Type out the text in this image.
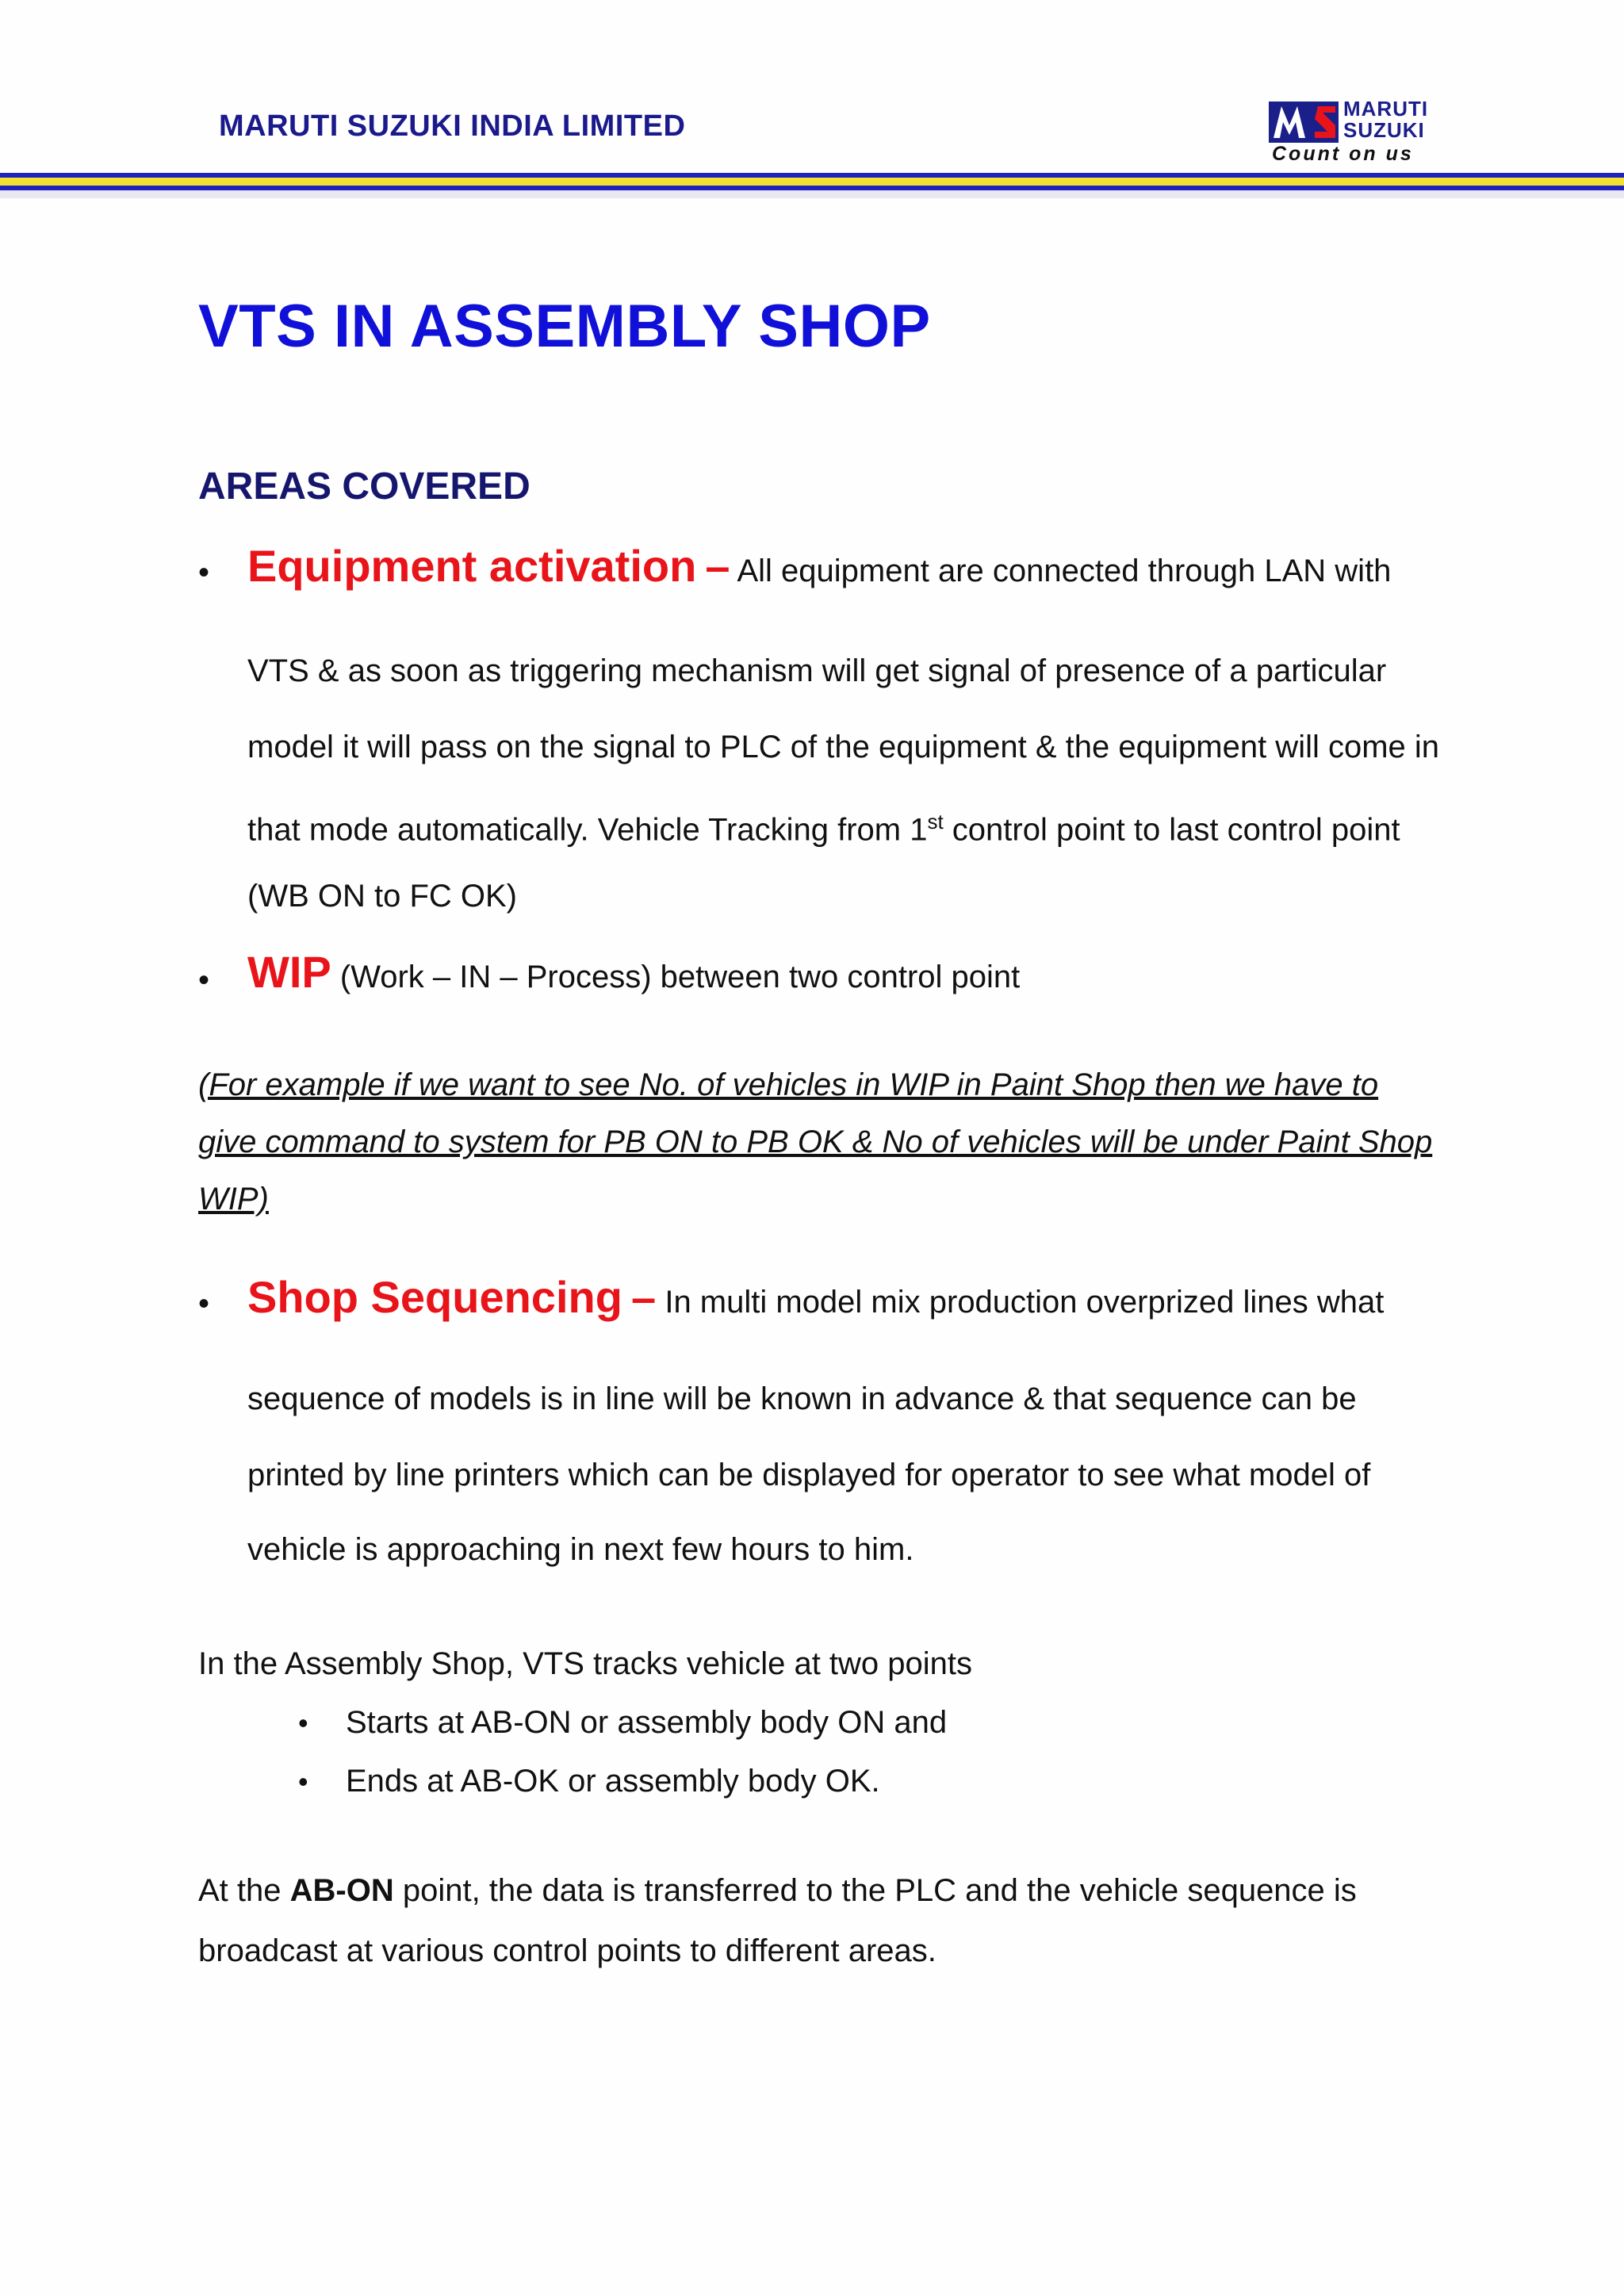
MARUTI SUZUKI INDIA LIMITED
MARUTI
SUZUKI
Count on us
VTS IN ASSEMBLY SHOP
AREAS COVERED
• Equipment activation – All equipment are connected through LAN with
VTS & as soon as triggering mechanism will get signal of presence of a particular
model it will pass on the signal to PLC of the equipment & the equipment will come in
that mode automatically. Vehicle Tracking from 1st control point to last control point
(WB ON to FC OK)
• WIP (Work – IN – Process) between two control point
(For example if we want to see No. of vehicles in WIP in Paint Shop then we have to
give command to system for PB ON to PB OK & No of vehicles will be under Paint Shop
WIP)
• Shop Sequencing – In multi model mix production overprized lines what
sequence of models is in line will be known in advance & that sequence can be
printed by line printers which can be displayed for operator to see what model of
vehicle is approaching in next few hours to him.
In the Assembly Shop, VTS tracks vehicle at two points
• Starts at AB-ON or assembly body ON and
• Ends at AB-OK or assembly body OK.
At the AB-ON point, the data is transferred to the PLC and the vehicle sequence is
broadcast at various control points to different areas.
